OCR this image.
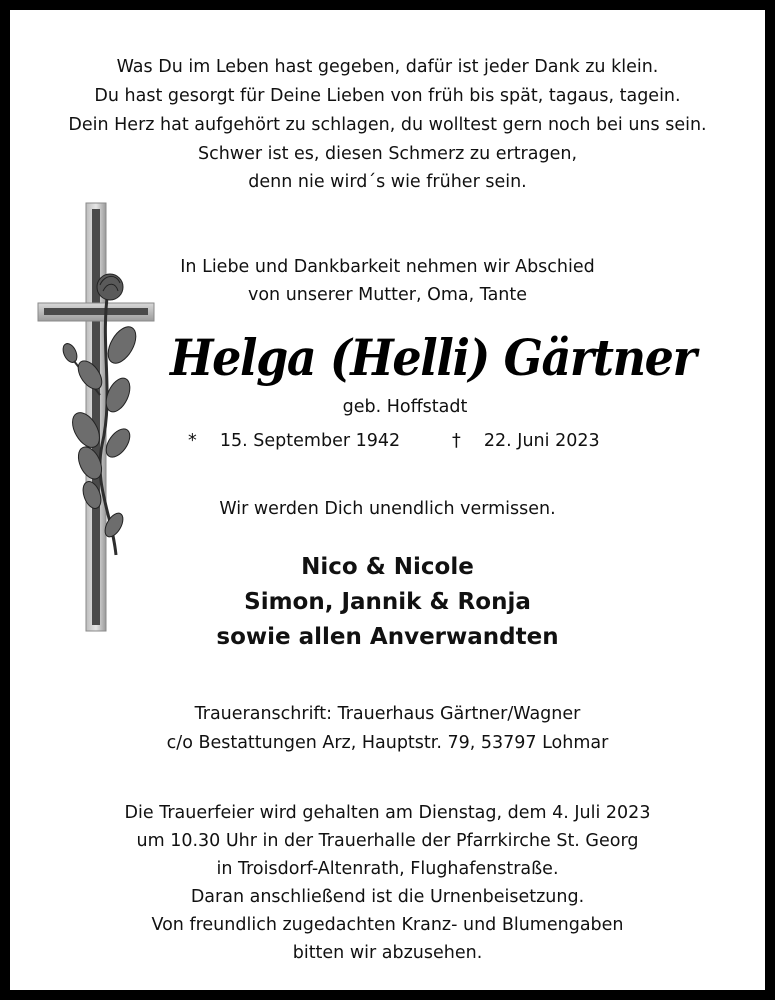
Was Du im Leben hast gegeben, dafür ist jeder Dank zu klein.
Du hast gesorgt für Deine Lieben von früh bis spät, tagaus, tagein.
Dein Herz hat aufgehört zu schlagen, du wolltest gern noch bei uns sein.
Schwer ist es, diesen Schmerz zu ertragen,
denn nie wird´s wie früher sein.
In Liebe und Dankbarkeit nehmen wir Abschied
von unserer Mutter, Oma, Tante
Helga (Helli) Gärtner
geb. Hoffstadt
* 15. September 1942	† 22. Juni 2023
Wir werden Dich unendlich vermissen.
Nico & Nicole
Simon, Jannik & Ronja
sowie allen Anverwandten
Traueranschrift: Trauerhaus Gärtner/Wagner
c/o Bestattungen Arz, Hauptstr. 79, 53797 Lohmar
Die Trauerfeier wird gehalten am Dienstag, dem 4. Juli 2023
um 10.30 Uhr in der Trauerhalle der Pfarrkirche St. Georg
in Troisdorf-Altenrath, Flughafenstraße.
Daran anschließend ist die Urnenbeisetzung.
Von freundlich zugedachten Kranz- und Blumengaben
bitten wir abzusehen.
